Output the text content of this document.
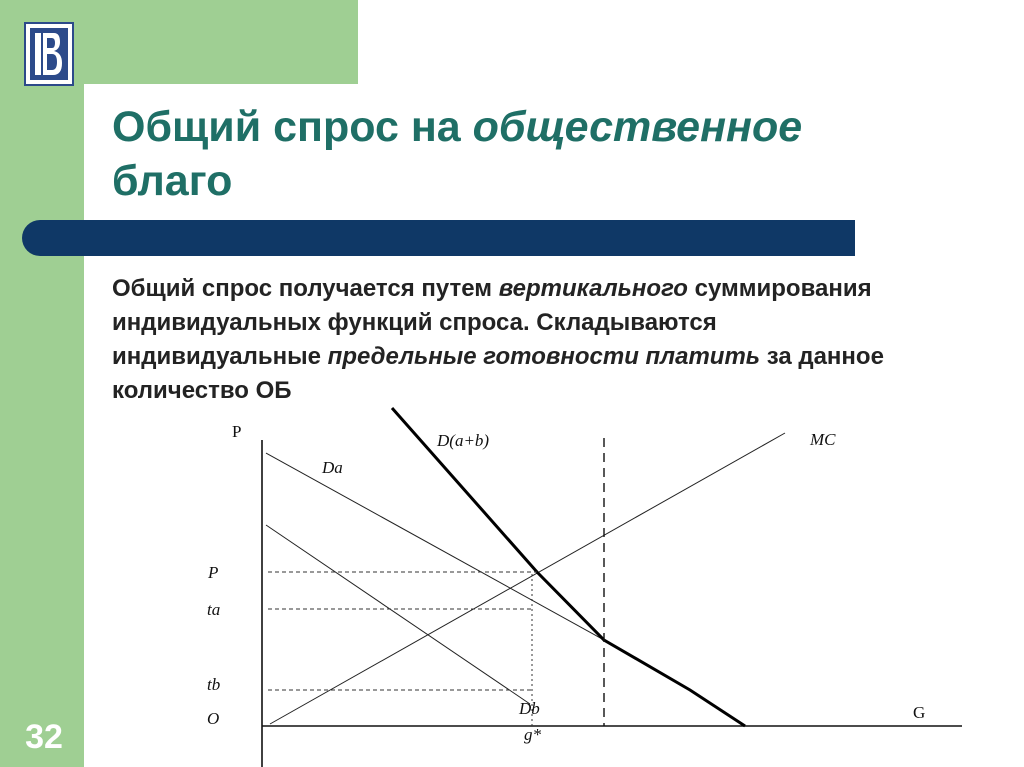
Общий спрос на общественное
благо
Общий спрос получается путем вертикального суммирования
индивидуальных функций спроса. Складываются
индивидуальные предельные готовности платить за данное
количество ОБ
P
G
D(a+b)	MC
Da
Db
P
ta
tb
O
g*
32
